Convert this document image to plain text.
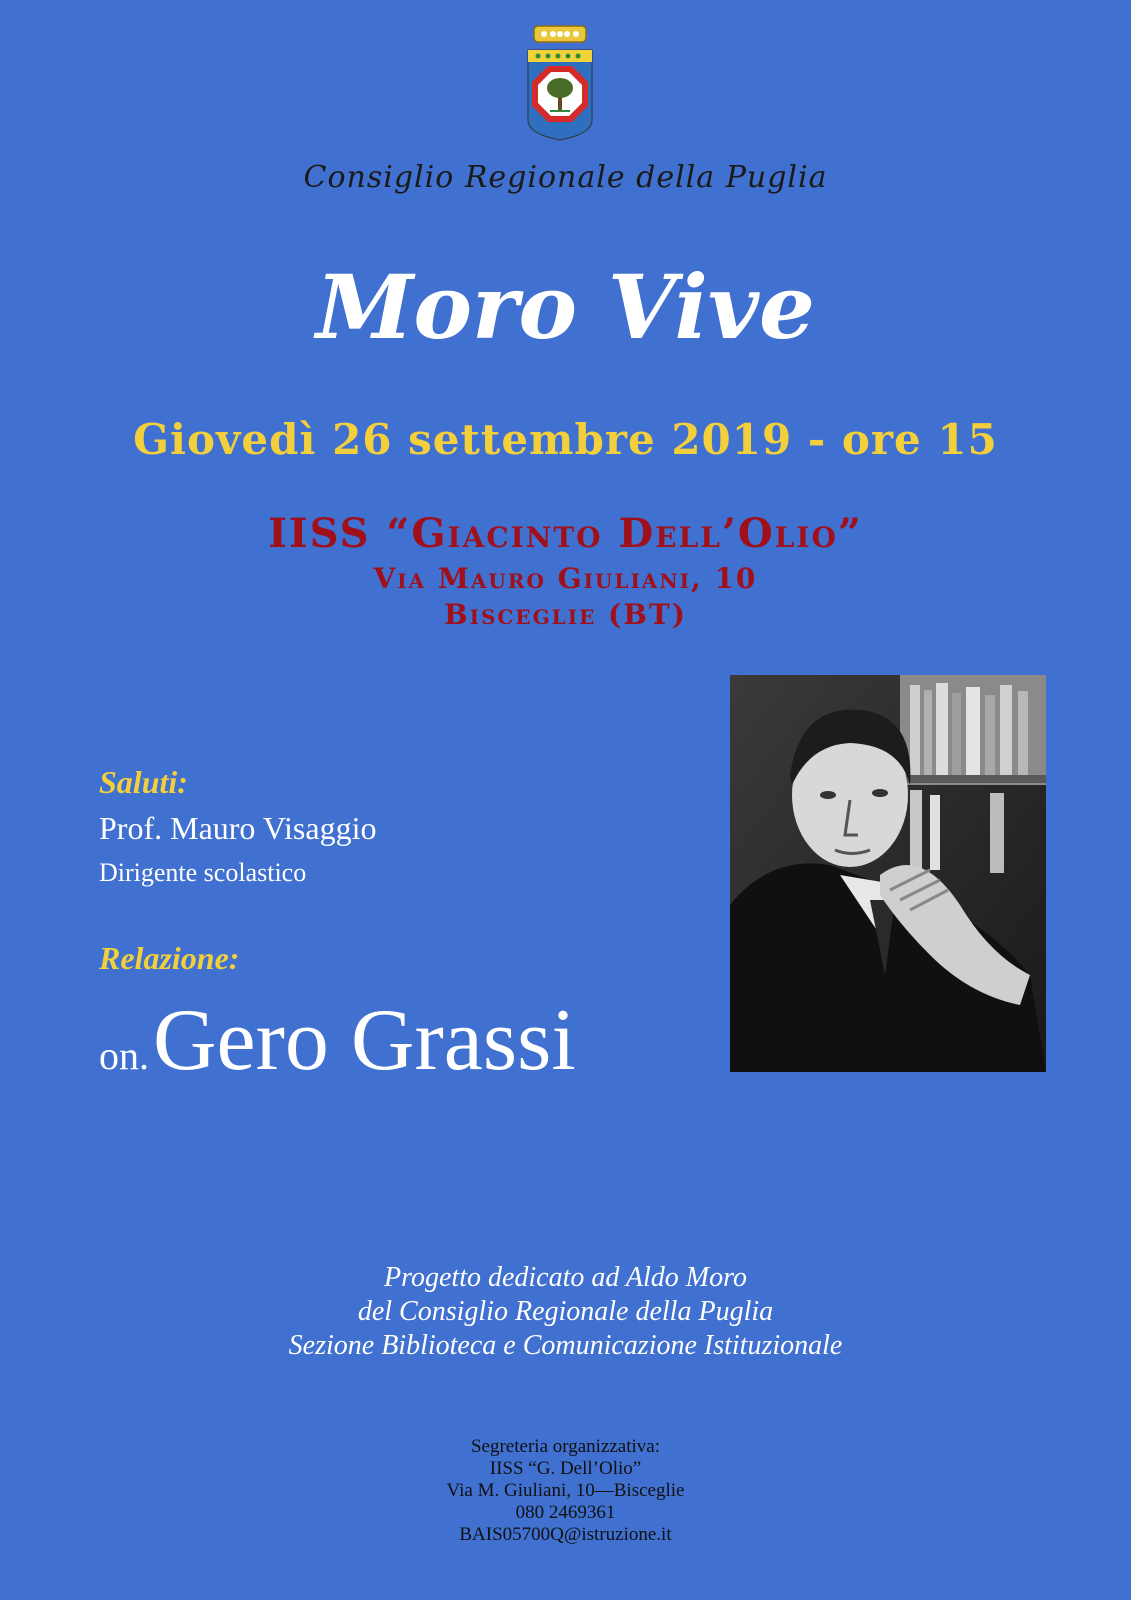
Consiglio Regionale della Puglia
Moro Vive
Giovedì 26 settembre 2019 - ore 15
IISS “Giacinto Dell’Olio”
Via Mauro Giuliani, 10
Bisceglie (BT)
Saluti:
Prof. Mauro Visaggio
Dirigente scolastico
Relazione:
on. Gero Grassi
Progetto dedicato ad Aldo Moro
del Consiglio Regionale della Puglia
Sezione Biblioteca e Comunicazione Istituzionale
Segreteria organizzativa:
IISS “G. Dell’Olio”
Via M. Giuliani, 10—Bisceglie
080 2469361
BAIS05700Q@istruzione.it
